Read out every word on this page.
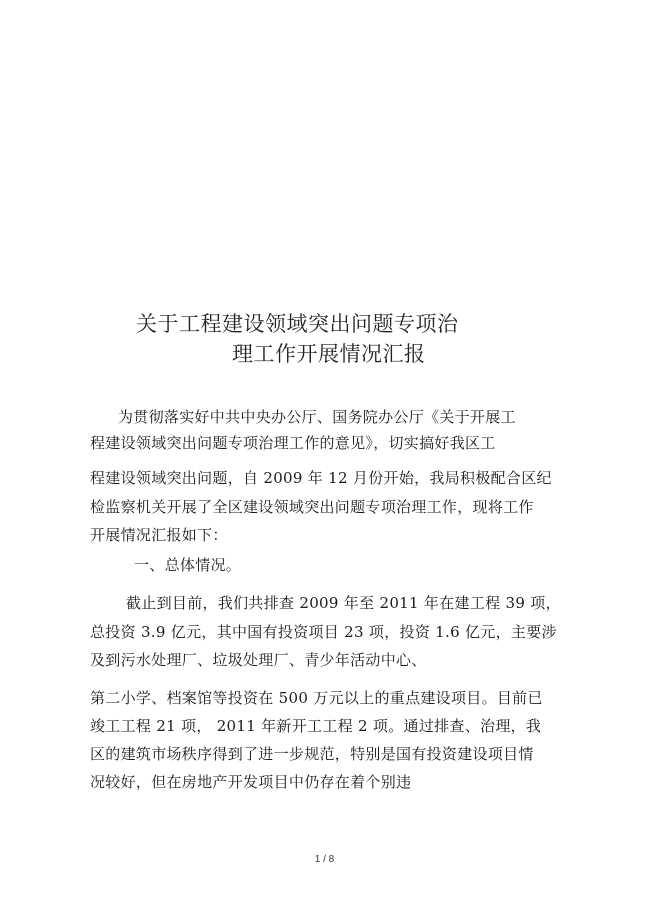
关于工程建设领域突出问题专项治
理工作开展情况汇报
为贯彻落实好中共中央办公厅、国务院办公厅《关于开展工
程建设领域突出问题专项治理工作的意见》，切实搞好我区工
程建设领域突出问题，自 2009 年 12 月份开始，我局积极配合区纪
检监察机关开展了全区建设领域突出问题专项治理工作，现将工作
开展情况汇报如下：
一、总体情况。
截止到目前，我们共排查 2009 年至 2011 年在建工程 39 项，
总投资 3.9 亿元，其中国有投资项目 23 项，投资 1.6 亿元，主要涉
及到污水处理厂、垃圾处理厂、青少年活动中心、
第二小学、档案馆等投资在 500 万元以上的重点建设项目。目前已
竣工工程 21 项， 2011 年新开工工程 2 项。通过排查、治理，我
区的建筑市场秩序得到了进一步规范，特别是国有投资建设项目情
况较好，但在房地产开发项目中仍存在着个别违
1 / 8
